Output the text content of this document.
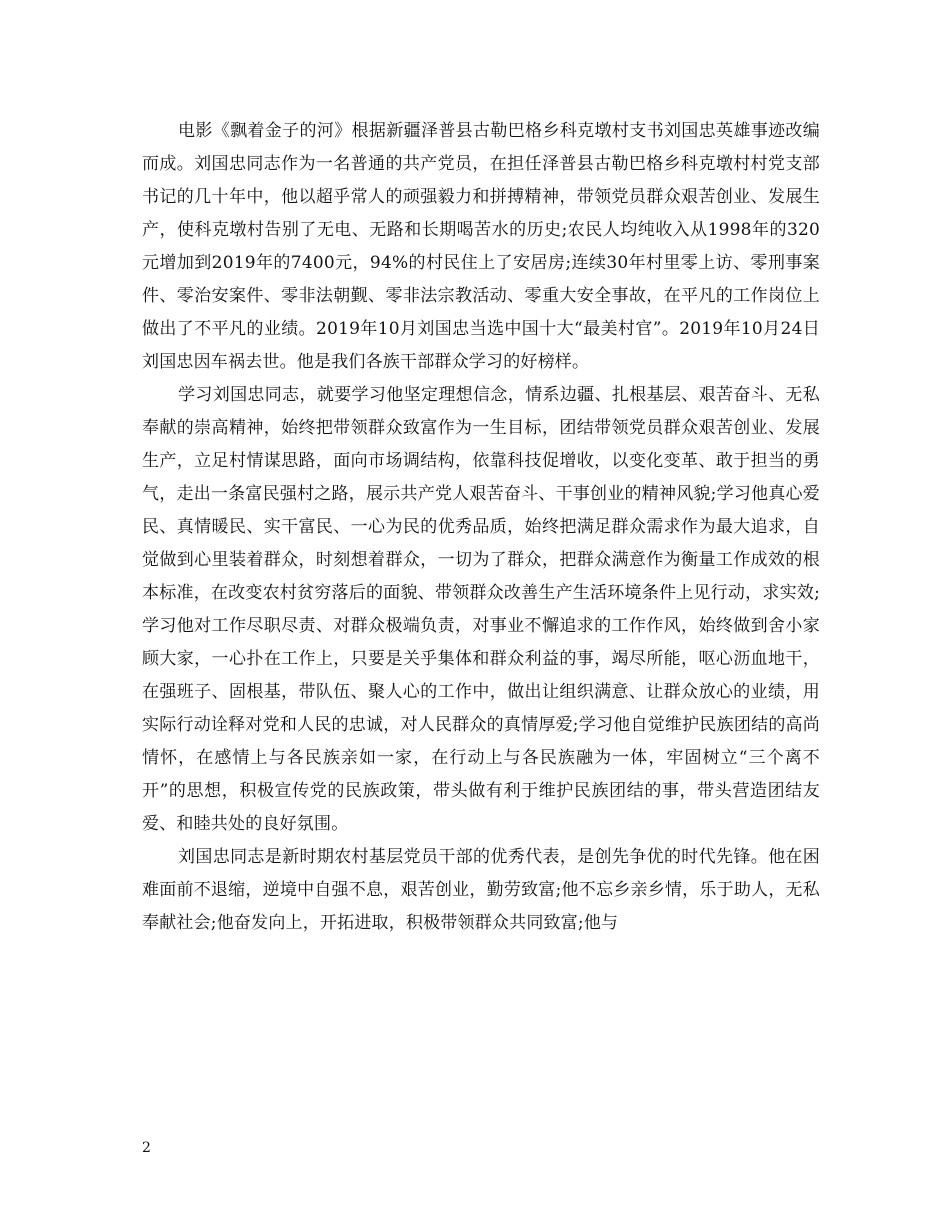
电影《飘着金子的河》根据新疆泽普县古勒巴格乡科克墩村支书刘国忠英雄事迹改编而成。刘国忠同志作为一名普通的共产党员，在担任泽普县古勒巴格乡科克墩村村党支部书记的几十年中，他以超乎常人的顽强毅力和拼搏精神，带领党员群众艰苦创业、发展生产，使科克墩村告别了无电、无路和长期喝苦水的历史;农民人均纯收入从1998年的320元增加到2019年的7400元，94%的村民住上了安居房;连续30年村里零上访、零刑事案件、零治安案件、零非法朝觐、零非法宗教活动、零重大安全事故，在平凡的工作岗位上做出了不平凡的业绩。2019年10月刘国忠当选中国十大“最美村官”。2019年10月24日刘国忠因车祸去世。他是我们各族干部群众学习的好榜样。

学习刘国忠同志，就要学习他坚定理想信念，情系边疆、扎根基层、艰苦奋斗、无私奉献的崇高精神，始终把带领群众致富作为一生目标，团结带领党员群众艰苦创业、发展生产，立足村情谋思路，面向市场调结构，依靠科技促增收，以变化变革、敢于担当的勇气，走出一条富民强村之路，展示共产党人艰苦奋斗、干事创业的精神风貌;学习他真心爱民、真情暖民、实干富民、一心为民的优秀品质，始终把满足群众需求作为最大追求，自觉做到心里装着群众，时刻想着群众，一切为了群众，把群众满意作为衡量工作成效的根本标准，在改变农村贫穷落后的面貌、带领群众改善生产生活环境条件上见行动，求实效;学习他对工作尽职尽责、对群众极端负责，对事业不懈追求的工作作风，始终做到舍小家顾大家，一心扑在工作上，只要是关乎集体和群众利益的事，竭尽所能，呕心沥血地干，在强班子、固根基，带队伍、聚人心的工作中，做出让组织满意、让群众放心的业绩，用实际行动诠释对党和人民的忠诚，对人民群众的真情厚爱;学习他自觉维护民族团结的高尚情怀，在感情上与各民族亲如一家，在行动上与各民族融为一体，牢固树立“三个离不开”的思想，积极宣传党的民族政策，带头做有利于维护民族团结的事，带头营造团结友爱、和睦共处的良好氛围。

刘国忠同志是新时期农村基层党员干部的优秀代表，是创先争优的时代先锋。他在困难面前不退缩，逆境中自强不息，艰苦创业，勤劳致富;他不忘乡亲乡情，乐于助人，无私奉献社会;他奋发向上，开拓进取，积极带领群众共同致富;他与

2
